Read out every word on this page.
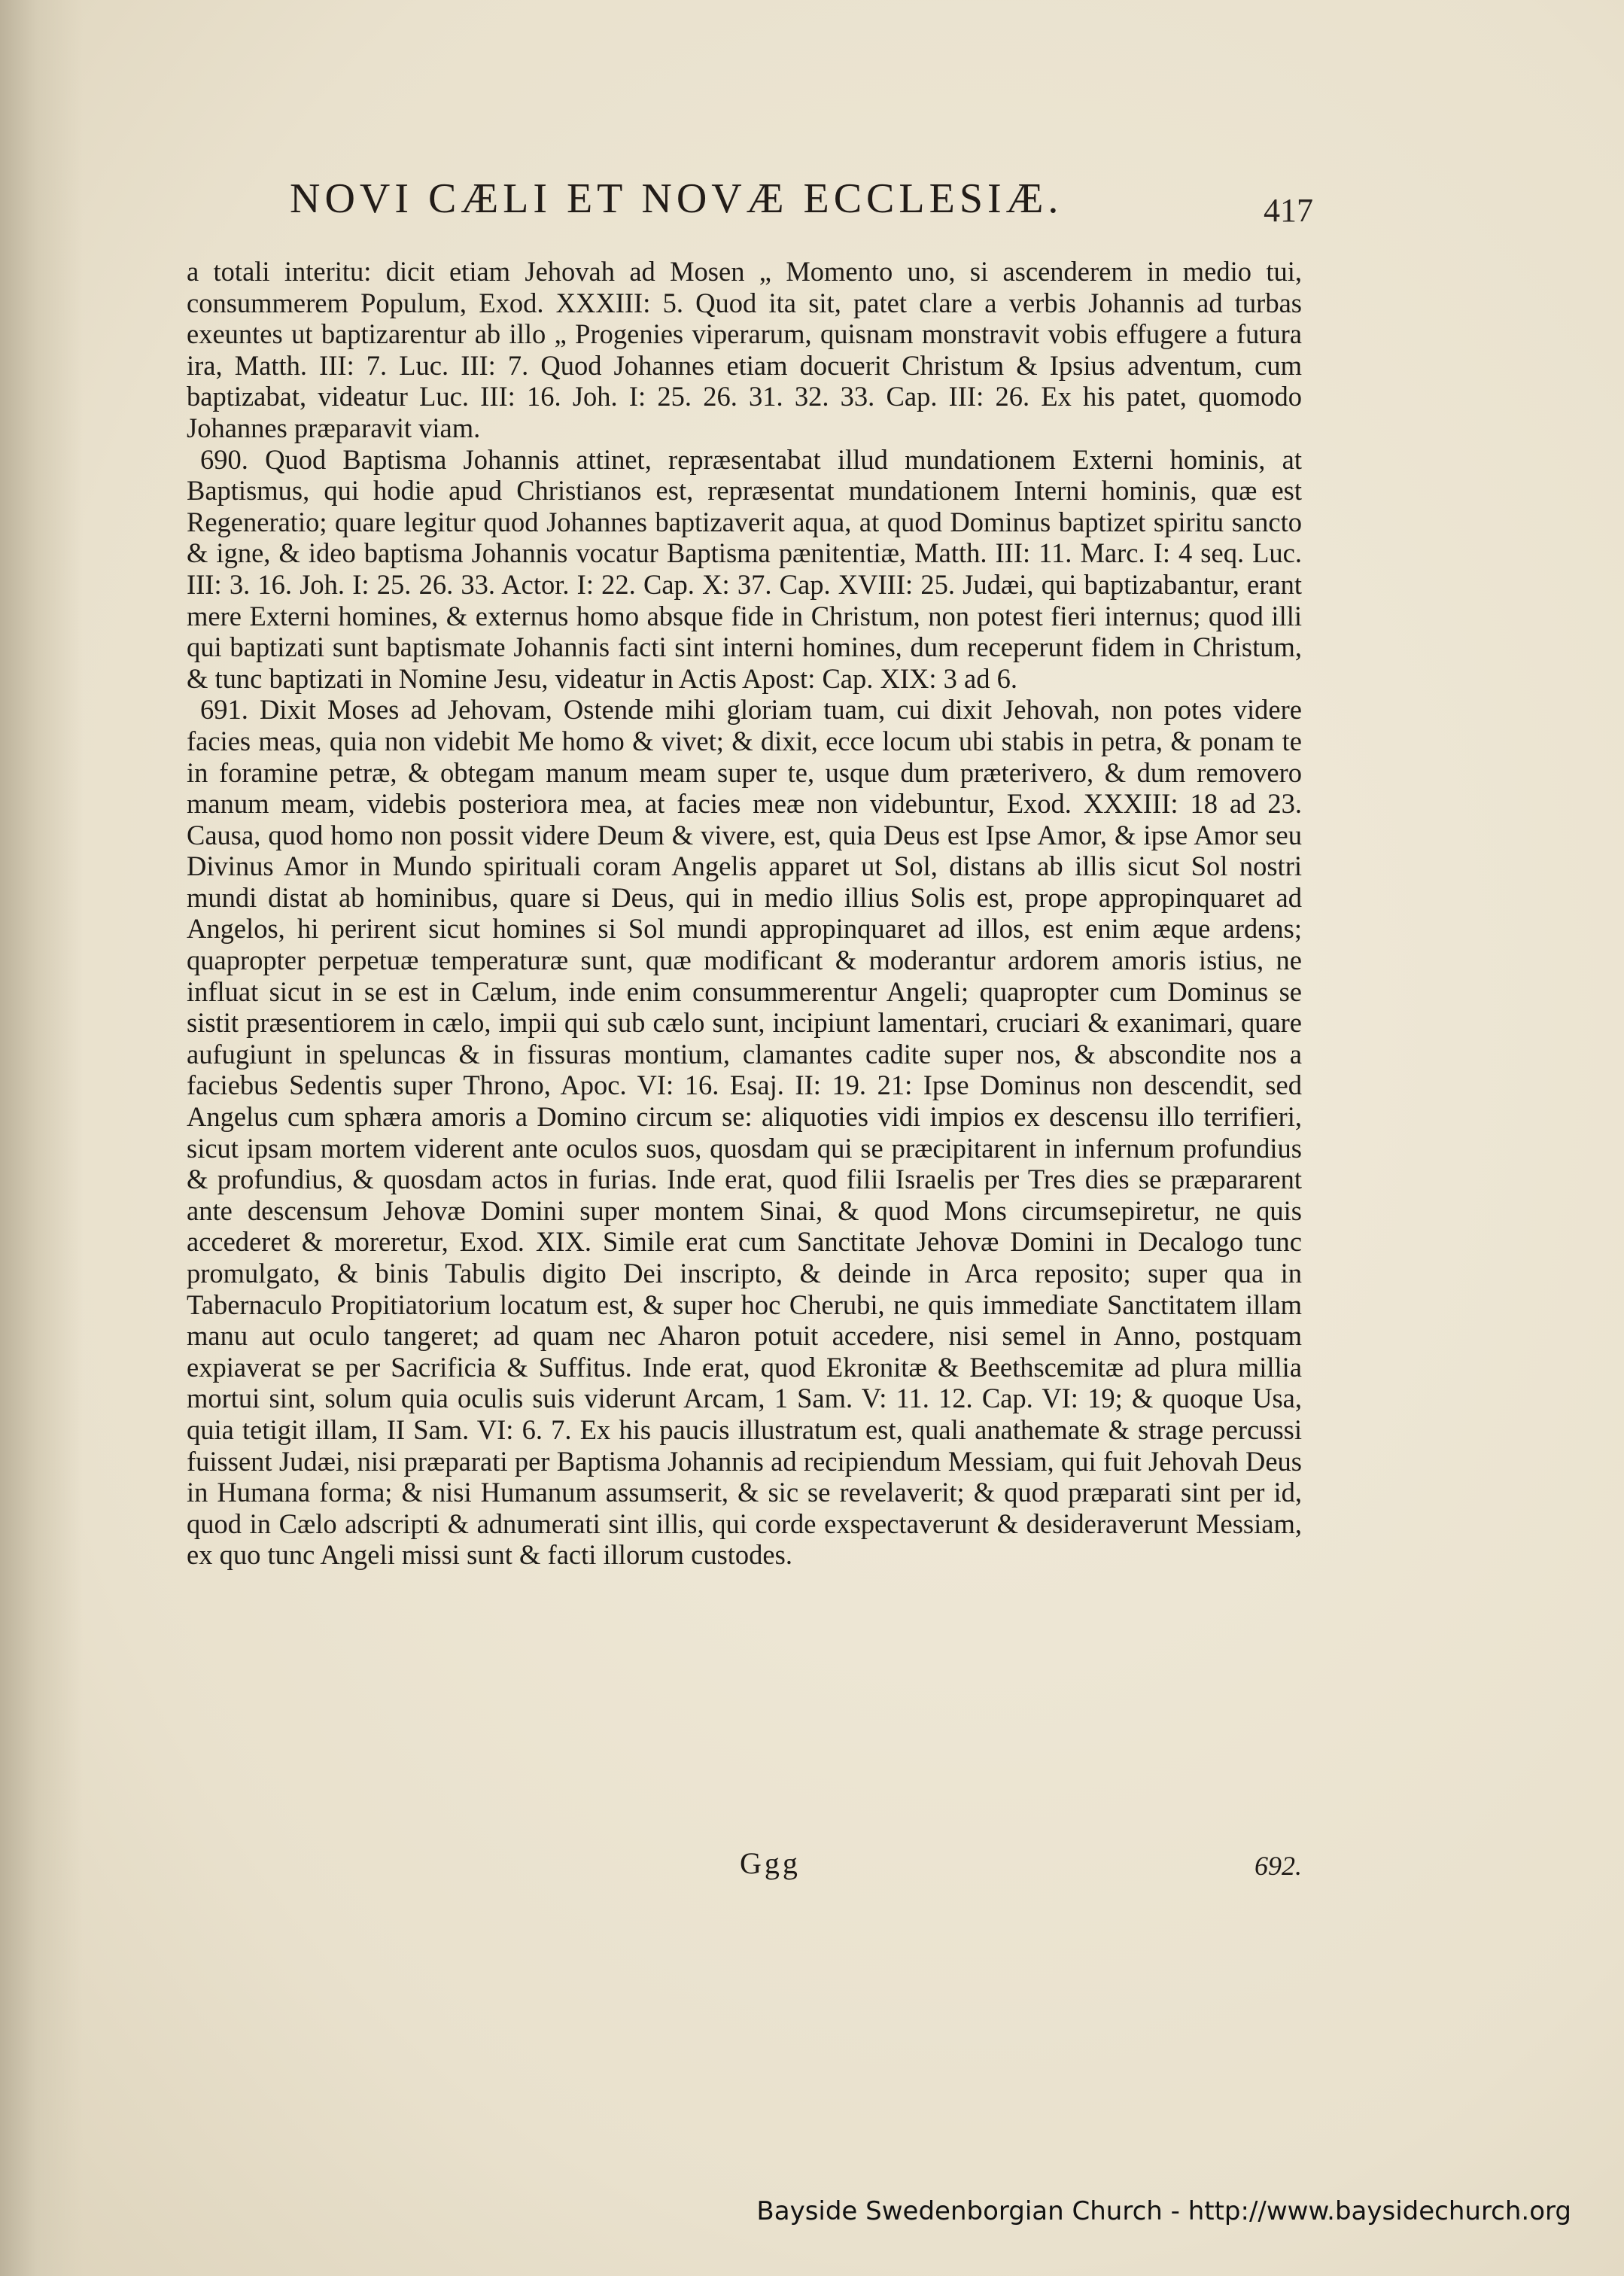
NOVI CÆLI ET NOVÆ ECCLESIÆ.	417

a totali interitu: dicit etiam Jehovah ad Mosen „ Momento uno, si ascenderem in medio tui, consummerem Populum, Exod. XXXIII: 5. Quod ita sit, patet clare a verbis Johannis ad turbas exeuntes ut baptizarentur ab illo „ Progenies viperarum, quisnam monstravit vobis effugere a futura ira, Matth. III: 7. Luc. III: 7. Quod Johannes etiam docuerit Christum & Ipsius adventum, cum baptizabat, videatur Luc. III: 16. Joh. I: 25. 26. 31. 32. 33. Cap. III: 26. Ex his patet, quomodo Johannes præparavit viam.

690. Quod Baptisma Johannis attinet, repræsentabat illud mundationem Externi hominis, at Baptismus, qui hodie apud Christianos est, repræsentat mundationem Interni hominis, quæ est Regeneratio; quare legitur quod Johannes baptizaverit aqua, at quod Dominus baptizet spiritu sancto & igne, & ideo baptisma Johannis vocatur Baptisma pænitentiæ, Matth. III: 11. Marc. I: 4 seq. Luc. III: 3. 16. Joh. I: 25. 26. 33. Actor. I: 22. Cap. X: 37. Cap. XVIII: 25. Judæi, qui baptizabantur, erant mere Externi homines, & externus homo absque fide in Christum, non potest fieri internus; quod illi qui baptizati sunt baptismate Johannis facti sint interni homines, dum receperunt fidem in Christum, & tunc baptizati in Nomine Jesu, videatur in Actis Apost: Cap. XIX: 3 ad 6.

691. Dixit Moses ad Jehovam, Ostende mihi gloriam tuam, cui dixit Jehovah, non potes videre facies meas, quia non videbit Me homo & vivet; & dixit, ecce locum ubi stabis in petra, & ponam te in foramine petræ, & obtegam manum meam super te, usque dum præterivero, & dum removero manum meam, videbis posteriora mea, at facies meæ non videbuntur, Exod. XXXIII: 18 ad 23. Causa, quod homo non possit videre Deum & vivere, est, quia Deus est Ipse Amor, & ipse Amor seu Divinus Amor in Mundo spirituali coram Angelis apparet ut Sol, distans ab illis sicut Sol nostri mundi distat ab hominibus, quare si Deus, qui in medio illius Solis est, prope appropinquaret ad Angelos, hi perirent sicut homines si Sol mundi appropinquaret ad illos, est enim æque ardens; quapropter perpetuæ temperaturæ sunt, quæ modificant & moderantur ardorem amoris istius, ne influat sicut in se est in Cælum, inde enim consummerentur Angeli; quapropter cum Dominus se sistit præsentiorem in cælo, impii qui sub cælo sunt, incipiunt lamentari, cruciari & exanimari, quare aufugiunt in speluncas & in fissuras montium, clamantes cadite super nos, & abscondite nos a faciebus Sedentis super Throno, Apoc. VI: 16. Esaj. II: 19. 21: Ipse Dominus non descendit, sed Angelus cum sphæra amoris a Domino circum se: aliquoties vidi impios ex descensu illo terrifieri, sicut ipsam mortem viderent ante oculos suos, quosdam qui se præcipitarent in infernum profundius & profundius, & quosdam actos in furias. Inde erat, quod filii Israelis per Tres dies se præpararent ante descensum Jehovæ Domini super montem Sinai, & quod Mons circumsepiretur, ne quis accederet & moreretur, Exod. XIX. Simile erat cum Sanctitate Jehovæ Domini in Decalogo tunc promulgato, & binis Tabulis digito Dei inscripto, & deinde in Arca reposito; super qua in Tabernaculo Propitiatorium locatum est, & super hoc Cherubi, ne quis immediate Sanctitatem illam manu aut oculo tangeret; ad quam nec Aharon potuit accedere, nisi semel in Anno, postquam expiaverat se per Sacrificia & Suffitus. Inde erat, quod Ekronitæ & Beethscemitæ ad plura millia mortui sint, solum quia oculis suis viderunt Arcam, 1 Sam. V: 11. 12. Cap. VI: 19; & quoque Usa, quia tetigit illam, II Sam. VI: 6. 7. Ex his paucis illustratum est, quali anathemate & strage percussi fuissent Judæi, nisi præparati per Baptisma Johannis ad recipiendum Messiam, qui fuit Jehovah Deus in Humana forma; & nisi Humanum assumserit, & sic se revelaverit; & quod præparati sint per id, quod in Cælo adscripti & adnumerati sint illis, qui corde exspectaverunt & desideraverunt Messiam, ex quo tunc Angeli missi sunt & facti illorum custodes.

Ggg	692.
Bayside Swedenborgian Church - http://www.baysidechurch.org
